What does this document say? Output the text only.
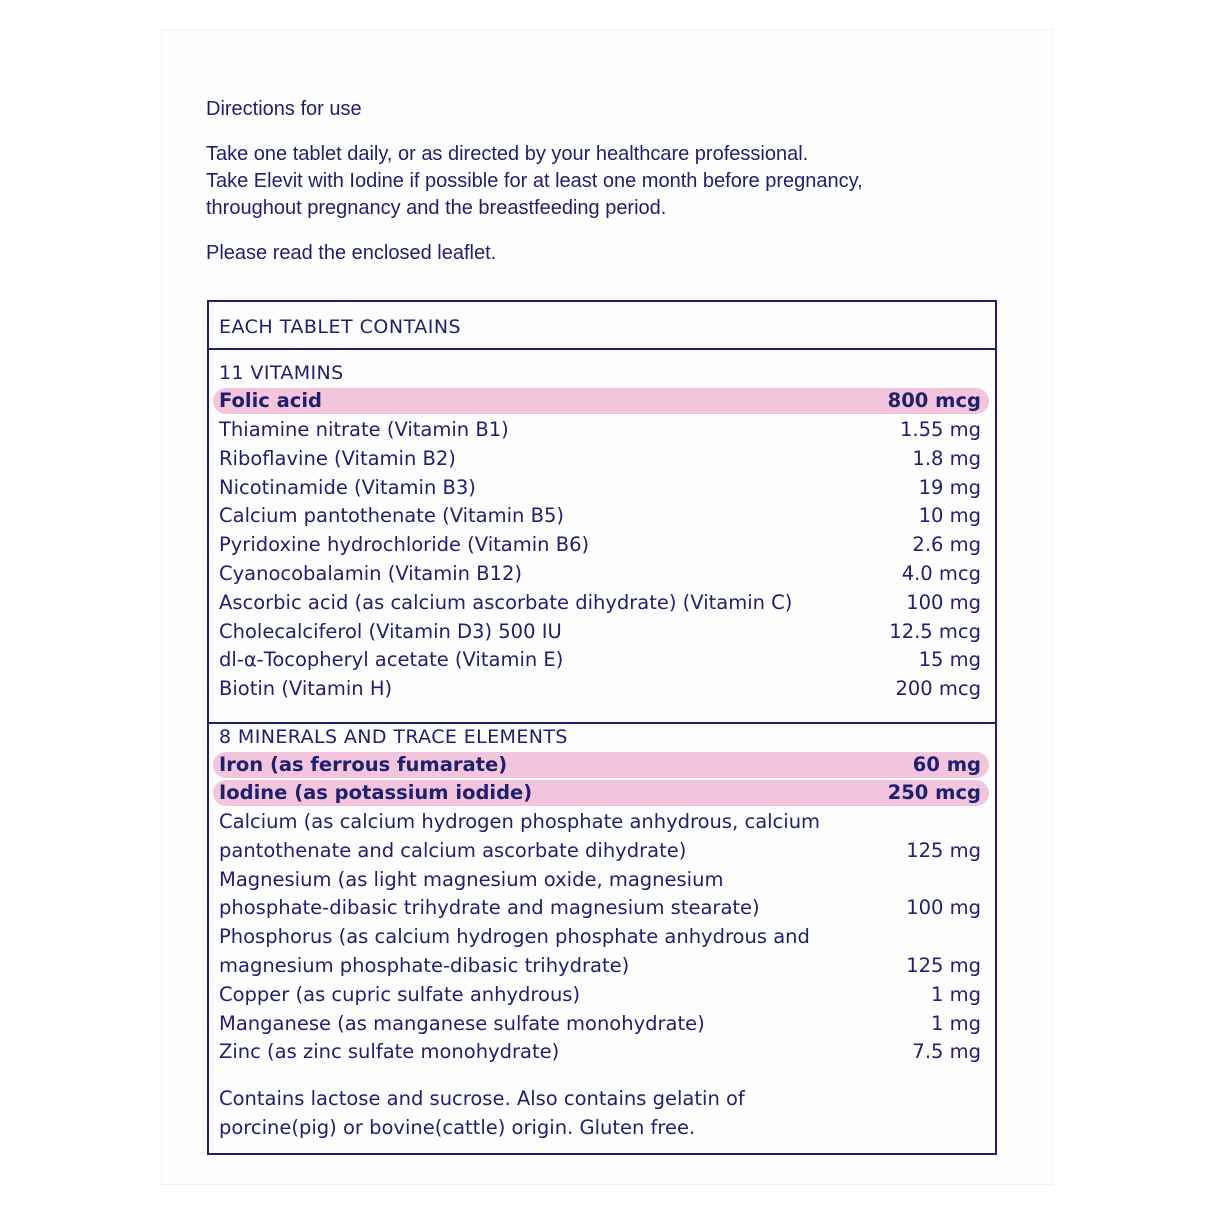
Directions for use

Take one tablet daily, or as directed by your healthcare professional.

Take Elevit with Iodine if possible for at least one month before pregnancy,

throughout pregnancy and the breastfeeding period.

Please read the enclosed leaflet.

EACH TABLET CONTAINS
11 VITAMINS
Folic acid	800 mcg
Thiamine nitrate (Vitamin B1)	1.55 mg
Riboflavine (Vitamin B2)	1.8 mg
Nicotinamide (Vitamin B3)	19 mg
Calcium pantothenate (Vitamin B5)	10 mg
Pyridoxine hydrochloride (Vitamin B6)	2.6 mg
Cyanocobalamin (Vitamin B12)	4.0 mcg
Ascorbic acid (as calcium ascorbate dihydrate) (Vitamin C)	100 mg
Cholecalciferol (Vitamin D3) 500 IU	12.5 mcg
dl-α-Tocopheryl acetate (Vitamin E)	15 mg
Biotin (Vitamin H)	200 mcg
8 MINERALS AND TRACE ELEMENTS
Iron (as ferrous fumarate)	60 mg
Iodine (as potassium iodide)	250 mcg
Calcium (as calcium hydrogen phosphate anhydrous, calcium
pantothenate and calcium ascorbate dihydrate)	125 mg
Magnesium (as light magnesium oxide, magnesium
phosphate-dibasic trihydrate and magnesium stearate)	100 mg
Phosphorus (as calcium hydrogen phosphate anhydrous and
magnesium phosphate-dibasic trihydrate)	125 mg
Copper (as cupric sulfate anhydrous)	1 mg
Manganese (as manganese sulfate monohydrate)	1 mg
Zinc (as zinc sulfate monohydrate)	7.5 mg
Contains lactose and sucrose. Also contains gelatin of
porcine(pig) or bovine(cattle) origin. Gluten free.
